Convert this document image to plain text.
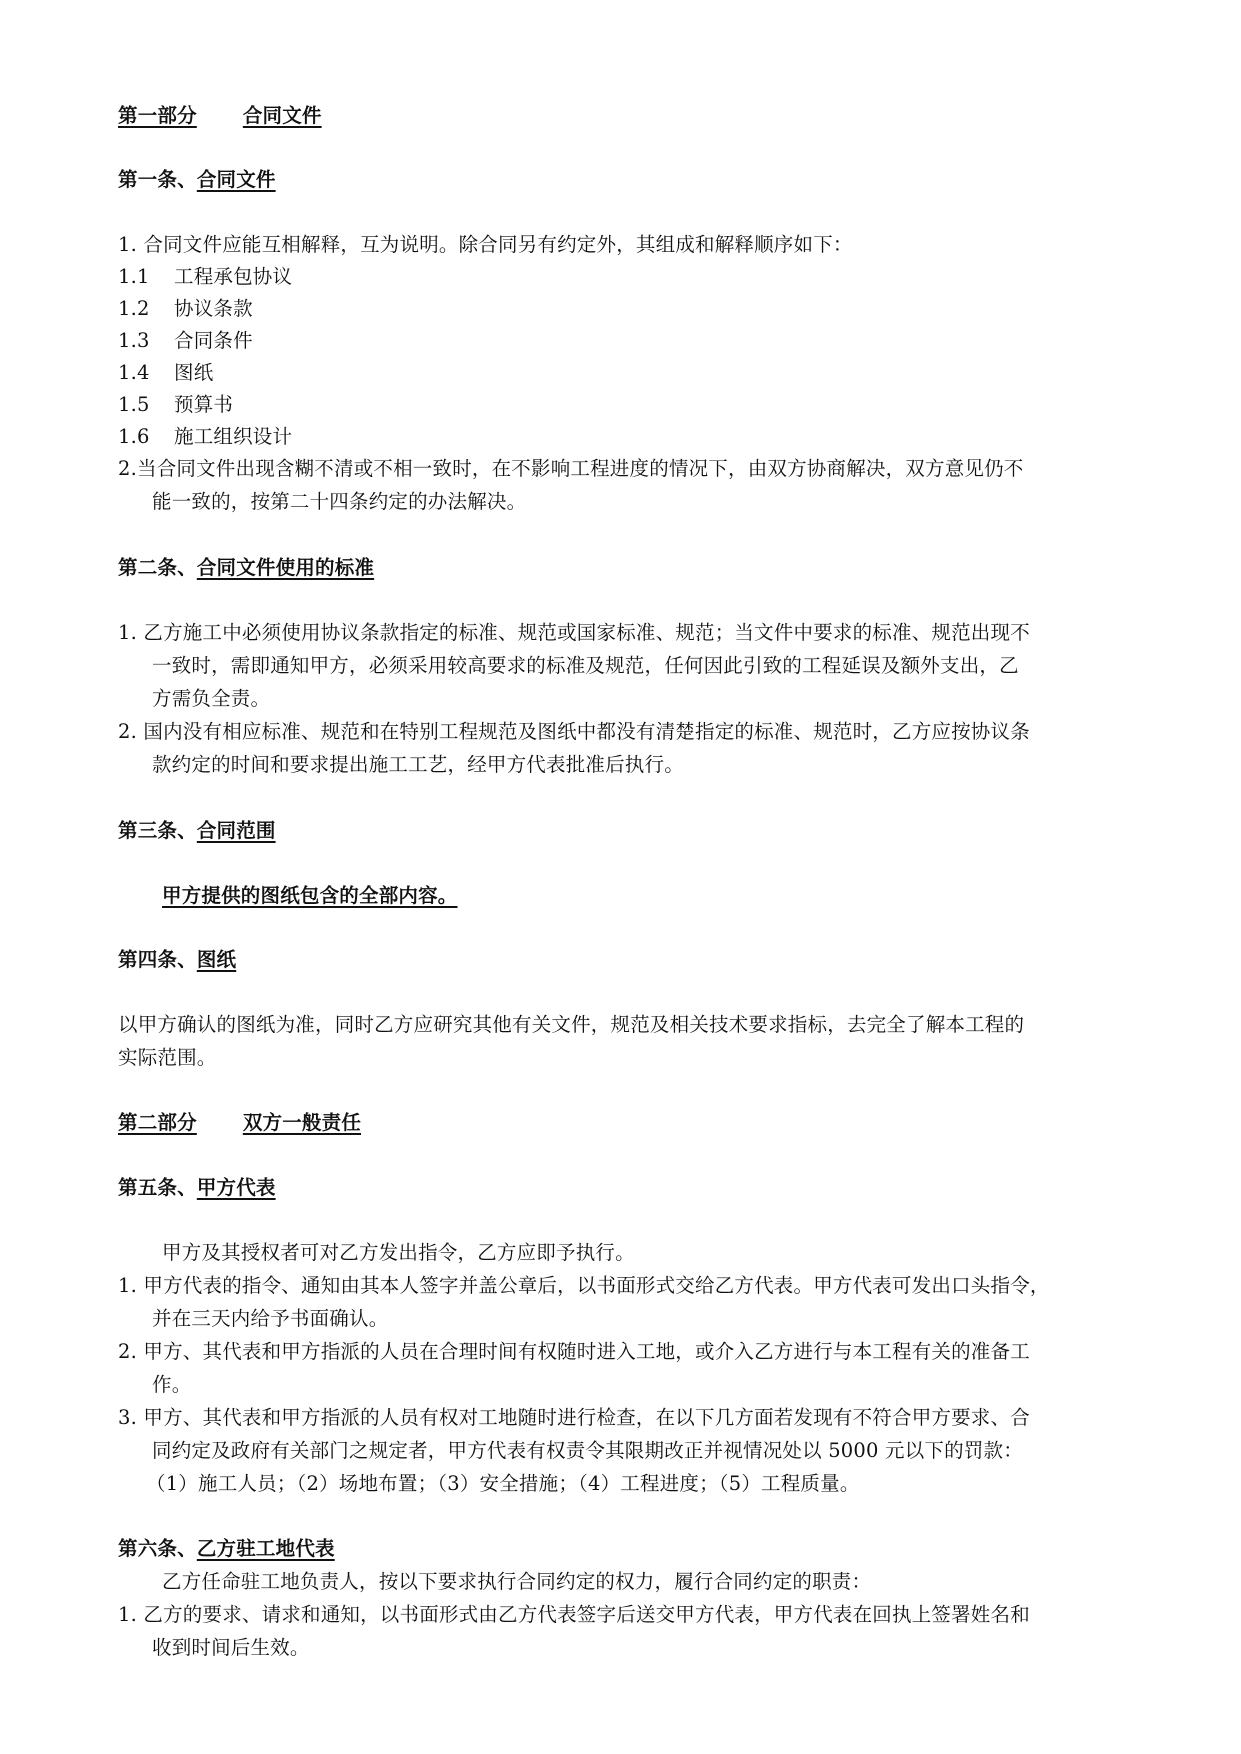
第一部分 合同文件
第一条、合同文件
1. 合同文件应能互相解释，互为说明。除合同另有约定外，其组成和解释顺序如下：
1.1 工程承包协议
1.2 协议条款
1.3 合同条件
1.4 图纸
1.5 预算书
1.6 施工组织设计
2.当合同文件出现含糊不清或不相一致时，在不影响工程进度的情况下，由双方协商解决，双方意见仍不
能一致的，按第二十四条约定的办法解决。
第二条、合同文件使用的标准
1. 乙方施工中必须使用协议条款指定的标准、规范或国家标准、规范；当文件中要求的标准、规范出现不
一致时，需即通知甲方，必须采用较高要求的标准及规范，任何因此引致的工程延误及额外支出，乙
方需负全责。
2. 国内没有相应标准、规范和在特别工程规范及图纸中都没有清楚指定的标准、规范时，乙方应按协议条
款约定的时间和要求提出施工工艺，经甲方代表批准后执行。
第三条、合同范围
甲方提供的图纸包含的全部内容。
第四条、图纸
以甲方确认的图纸为准，同时乙方应研究其他有关文件，规范及相关技术要求指标，去完全了解本工程的
实际范围。
第二部分 双方一般责任
第五条、甲方代表
甲方及其授权者可对乙方发出指令，乙方应即予执行。
1. 甲方代表的指令、通知由其本人签字并盖公章后，以书面形式交给乙方代表。甲方代表可发出口头指令，
并在三天内给予书面确认。
2. 甲方、其代表和甲方指派的人员在合理时间有权随时进入工地，或介入乙方进行与本工程有关的准备工
作。
3. 甲方、其代表和甲方指派的人员有权对工地随时进行检查，在以下几方面若发现有不符合甲方要求、合
同约定及政府有关部门之规定者，甲方代表有权责令其限期改正并视情况处以 5000 元以下的罚款：
（1）施工人员；（2）场地布置；（3）安全措施；（4）工程进度；（5）工程质量。
第六条、乙方驻工地代表
乙方任命驻工地负责人，按以下要求执行合同约定的权力，履行合同约定的职责：
1. 乙方的要求、请求和通知，以书面形式由乙方代表签字后送交甲方代表，甲方代表在回执上签署姓名和
收到时间后生效。
